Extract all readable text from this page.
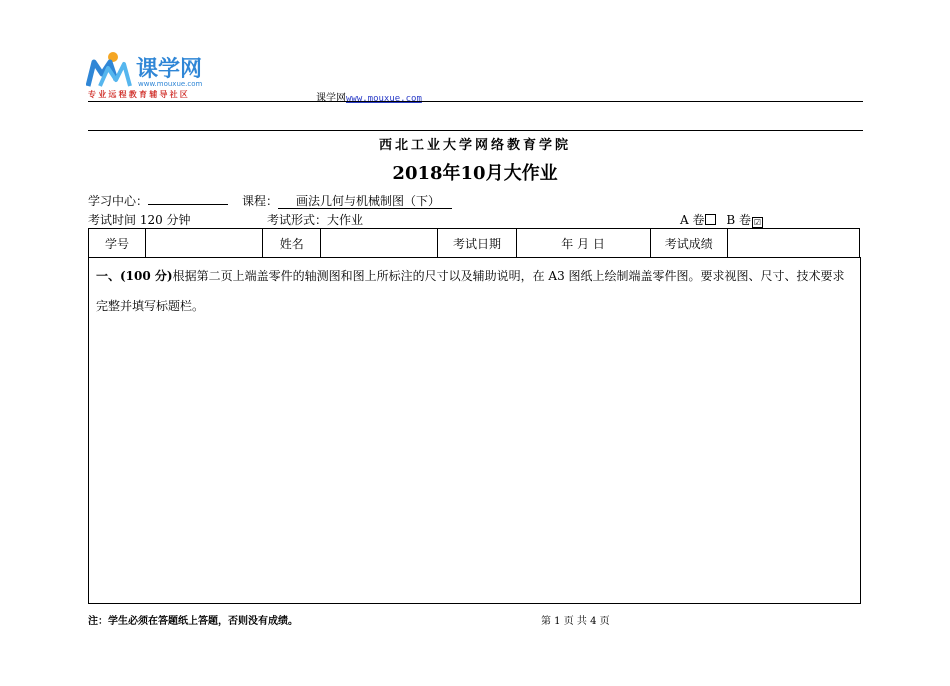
课学网
www.mouxue.com
专业远程教育辅导社区	课学网www.mouxue.com
西北工业大学网络教育学院
2018年10月大作业
学习中心：	课程： 画法几何与机械制图（下）
考试时间 120 分钟	考试形式：大作业	A 卷 B 卷 ☑
学号		姓名		考试日期	年 月 日	考试成绩	
一、(100 分)根据第二页上端盖零件的轴测图和图上所标注的尺寸以及辅助说明，在 A3 图纸上绘制端盖零件图。要求视图、尺寸、技术要求完整并填写标题栏。
注：学生必须在答题纸上答题，否则没有成绩。	第 1 页 共 4 页
